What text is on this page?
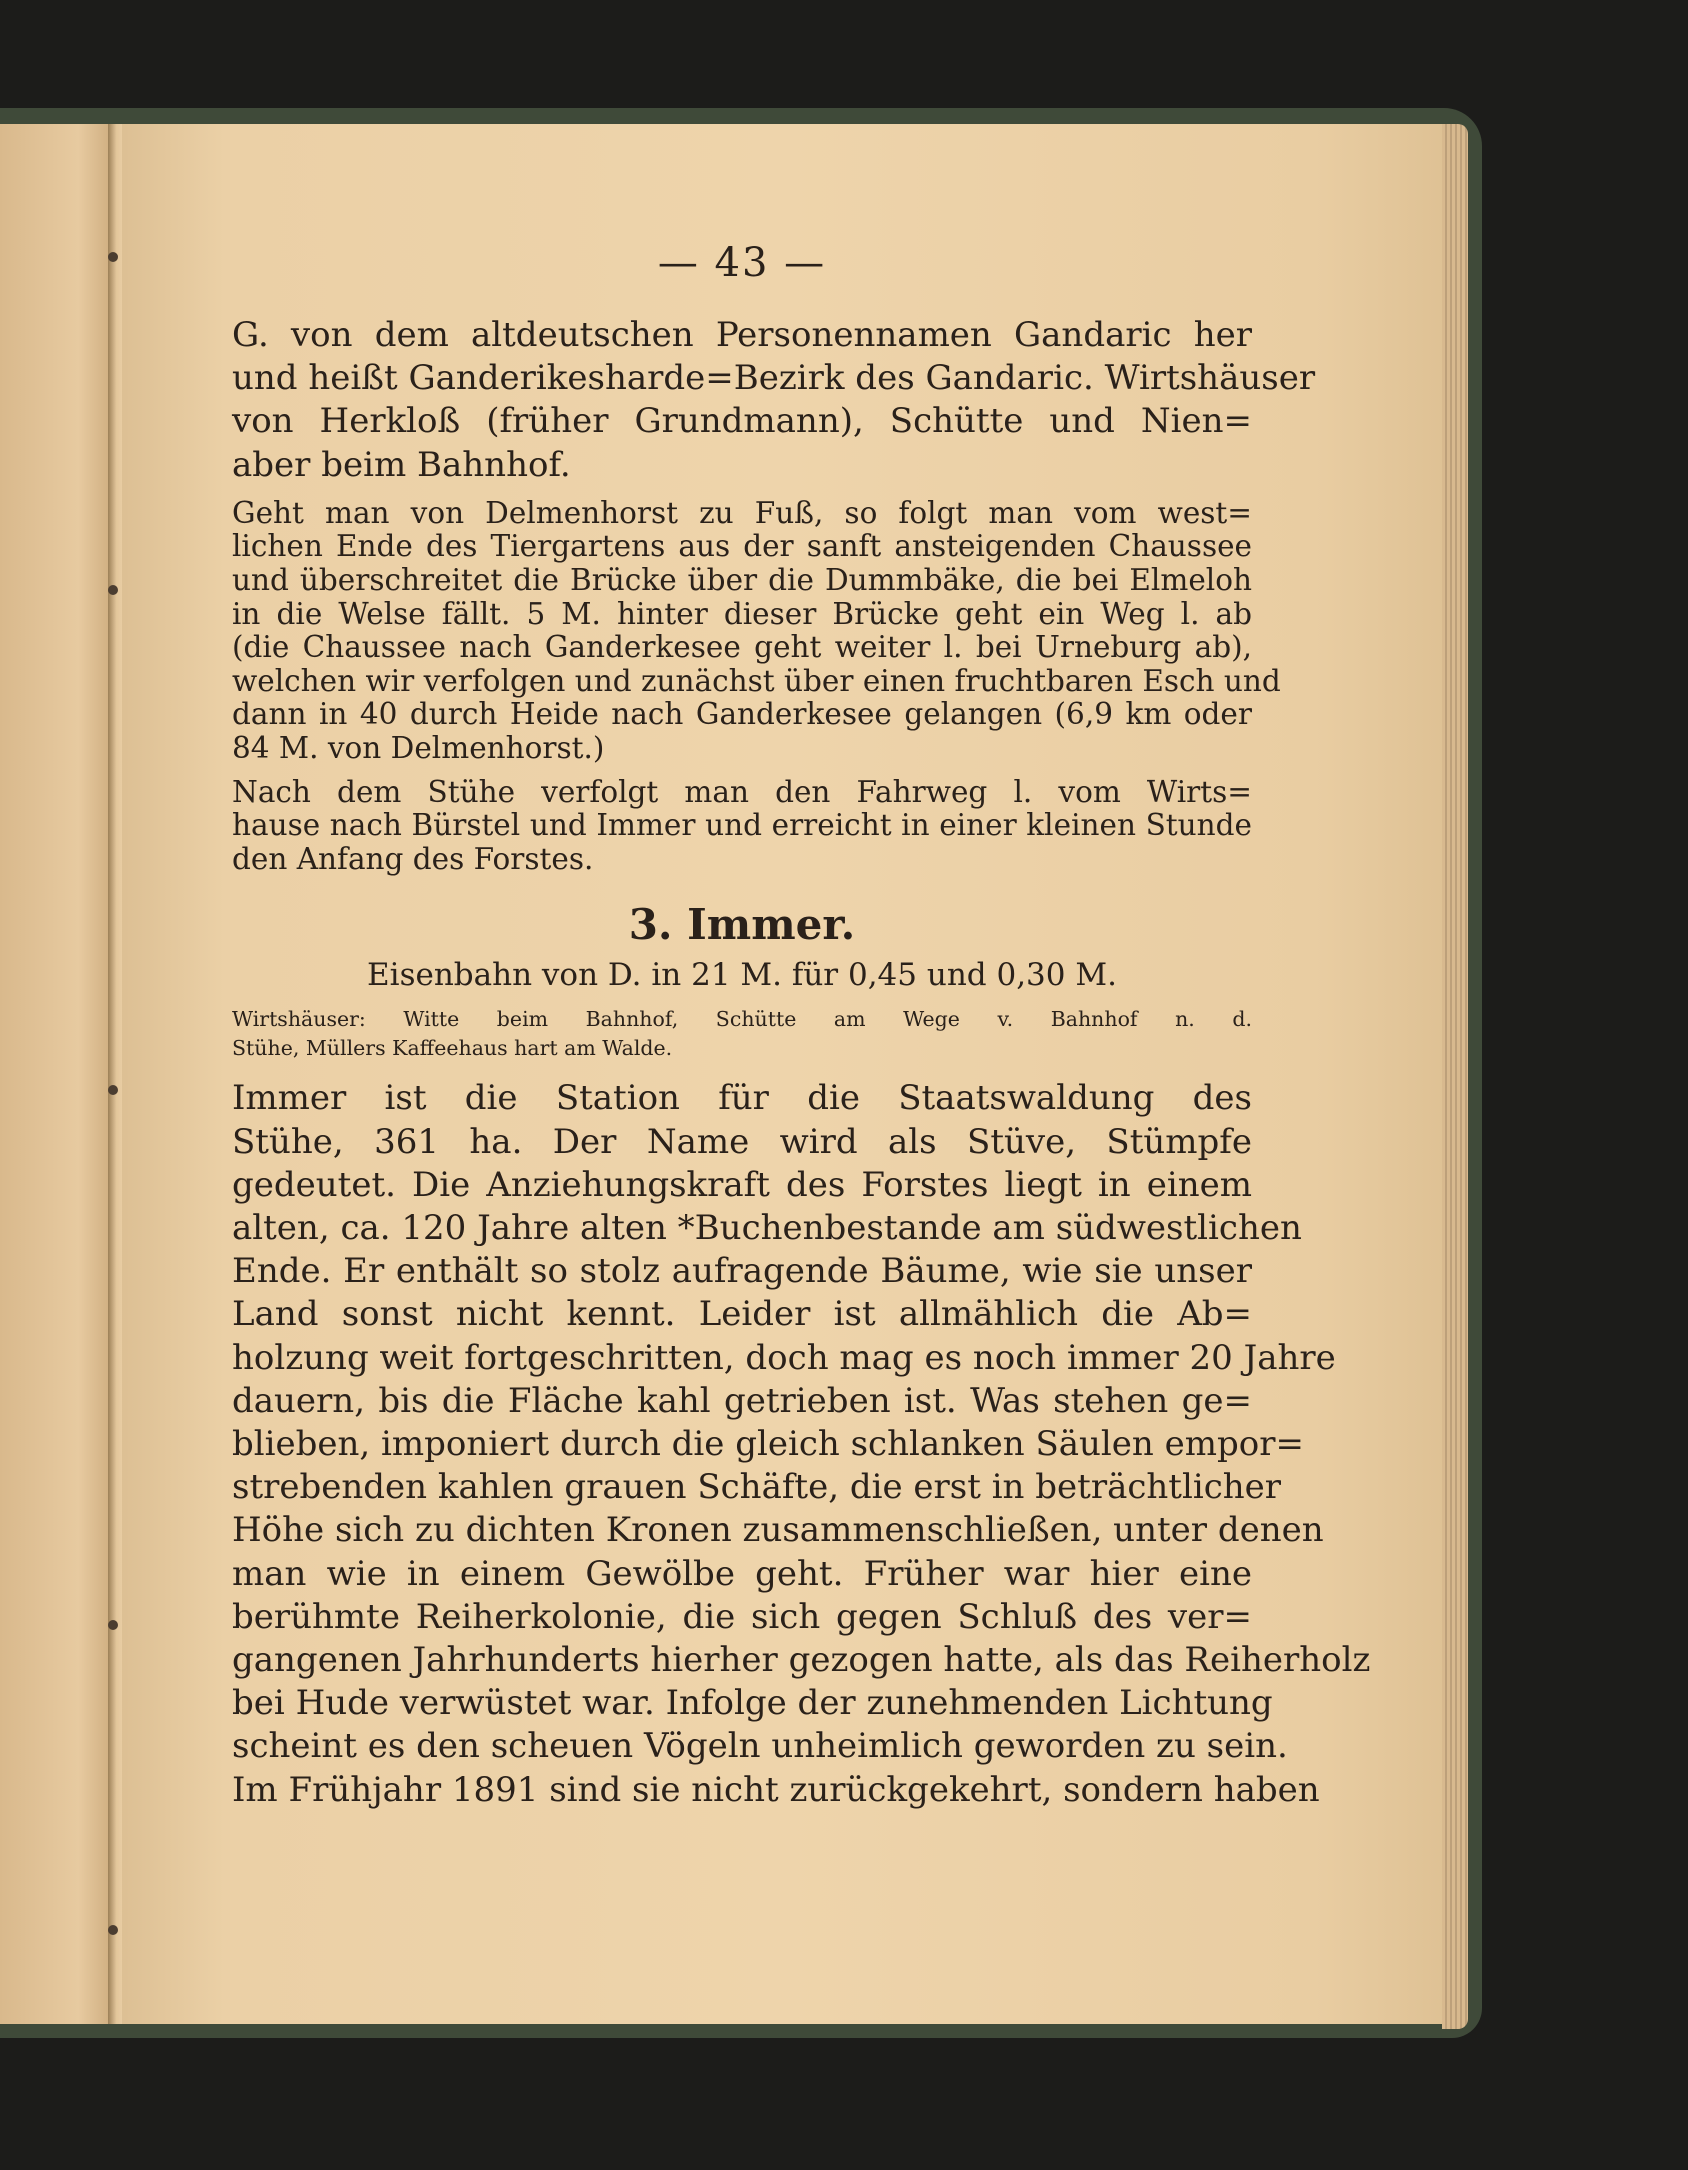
— 43 —
G. von dem altdeutschen Personennamen Gandaric her
und heißt Ganderikesharde=Bezirk des Gandaric. Wirtshäuser
von Herkloß (früher Grundmann), Schütte und Nien=
aber beim Bahnhof.
Geht man von Delmenhorst zu Fuß, so folgt man vom west=
lichen Ende des Tiergartens aus der sanft ansteigenden Chaussee
und überschreitet die Brücke über die Dummbäke, die bei Elmeloh
in die Welse fällt. 5 M. hinter dieser Brücke geht ein Weg l. ab
(die Chaussee nach Ganderkesee geht weiter l. bei Urneburg ab),
welchen wir verfolgen und zunächst über einen fruchtbaren Esch und
dann in 40 durch Heide nach Ganderkesee gelangen (6,9 km oder
84 M. von Delmenhorst.)
Nach dem Stühe verfolgt man den Fahrweg l. vom Wirts=
hause nach Bürstel und Immer und erreicht in einer kleinen Stunde
den Anfang des Forstes.
3. Immer.
Eisenbahn von D. in 21 M. für 0,45 und 0,30 M.
Wirtshäuser: Witte beim Bahnhof, Schütte am Wege v. Bahnhof n. d.
Stühe, Müllers Kaffeehaus hart am Walde.
Immer ist die Station für die Staatswaldung des
Stühe, 361 ha. Der Name wird als Stüve, Stümpfe
gedeutet. Die Anziehungskraft des Forstes liegt in einem
alten, ca. 120 Jahre alten *Buchenbestande am südwestlichen
Ende. Er enthält so stolz aufragende Bäume, wie sie unser
Land sonst nicht kennt. Leider ist allmählich die Ab=
holzung weit fortgeschritten, doch mag es noch immer 20 Jahre
dauern, bis die Fläche kahl getrieben ist. Was stehen ge=
blieben, imponiert durch die gleich schlanken Säulen empor=
strebenden kahlen grauen Schäfte, die erst in beträchtlicher
Höhe sich zu dichten Kronen zusammenschließen, unter denen
man wie in einem Gewölbe geht. Früher war hier eine
berühmte Reiherkolonie, die sich gegen Schluß des ver=
gangenen Jahrhunderts hierher gezogen hatte, als das Reiherholz
bei Hude verwüstet war. Infolge der zunehmenden Lichtung
scheint es den scheuen Vögeln unheimlich geworden zu sein.
Im Frühjahr 1891 sind sie nicht zurückgekehrt, sondern haben
